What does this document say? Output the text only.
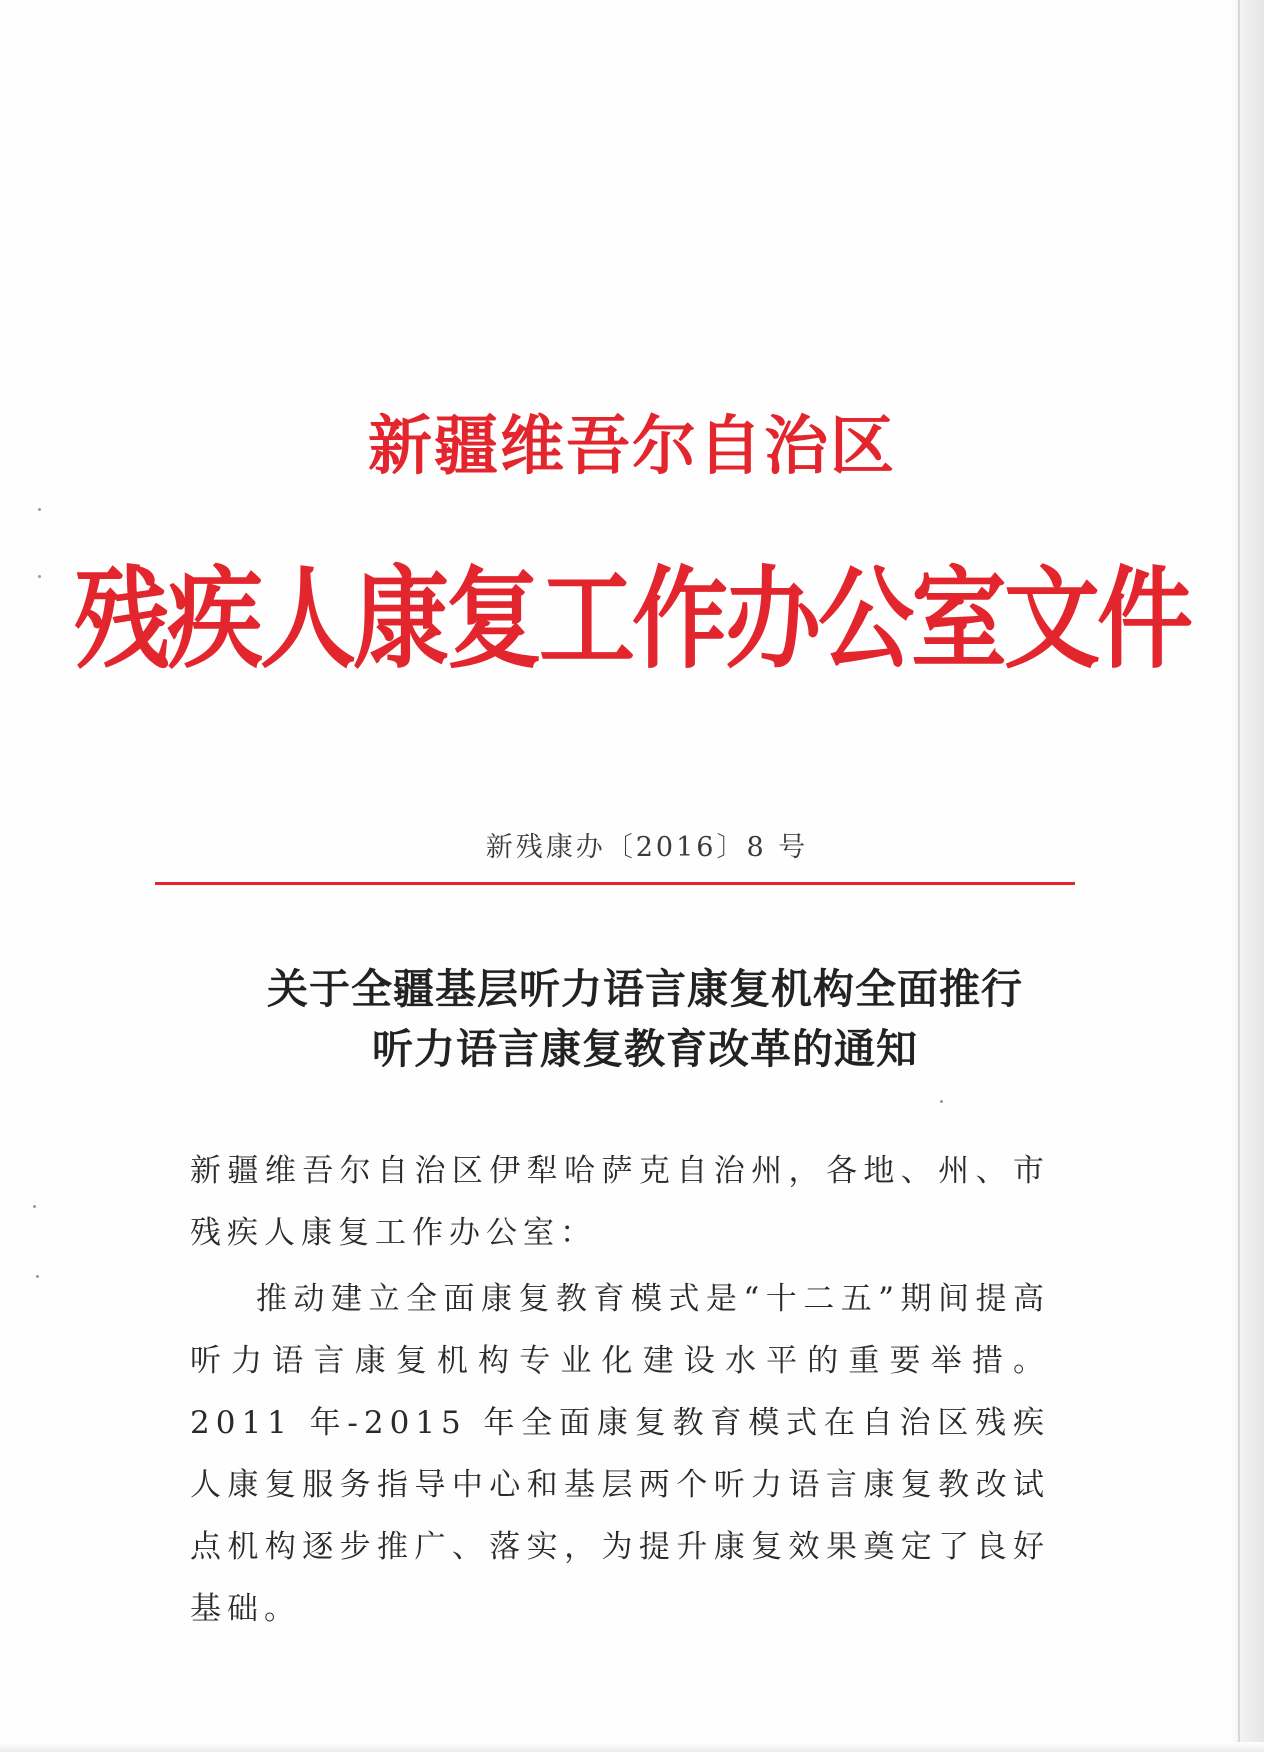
新疆维吾尔自治区
残疾人康复工作办公室文件
新残康办〔2016〕8 号
关于全疆基层听力语言康复机构全面推行
听力语言康复教育改革的通知

新疆维吾尔自治区伊犁哈萨克自治州，各地、州、市残疾人康复工作办公室：

推动建立全面康复教育模式是“十二五”期间提高听力语言康复机构专业化建设水平的重要举措。2011 年-2015 年全面康复教育模式在自治区残疾人康复服务指导中心和基层两个听力语言康复教改试点机构逐步推广、落实，为提升康复效果奠定了良好基础。
